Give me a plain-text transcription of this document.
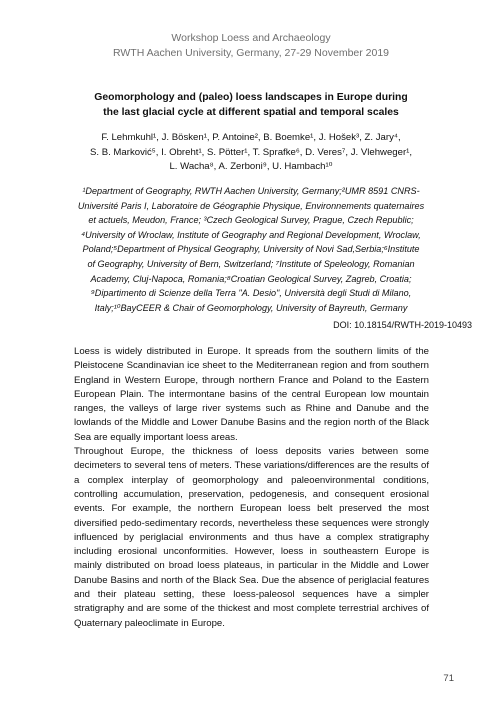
Workshop Loess and Archaeology
RWTH Aachen University, Germany, 27-29 November 2019
Geomorphology and (paleo) loess landscapes in Europe during
the last glacial cycle at different spatial and temporal scales
F. Lehmkuhl¹, J. Bösken¹, P. Antoine², B. Boemke¹, J. Hošek³, Z. Jary⁴,
S. B. Marković⁵, I. Obreht¹, S. Pötter¹, T. Sprafke⁶, D. Veres⁷, J. Vlehweger¹,
L. Wacha⁸, A. Zerboni⁹, U. Hambach¹⁰
¹Department of Geography, RWTH Aachen University, Germany;²UMR 8591 CNRS-
Université Paris I, Laboratoire de Géographie Physique, Environnements quaternaires
et actuels, Meudon, France; ³Czech Geological Survey, Prague, Czech Republic;
⁴University of Wroclaw, Institute of Geography and Regional Development, Wroclaw,
Poland;⁵Department of Physical Geography, University of Novi Sad,Serbia;⁶Institute
of Geography, University of Bern, Switzerland; ⁷Institute of Speleology, Romanian
Academy, Cluj-Napoca, Romania;⁸Croatian Geological Survey, Zagreb, Croatia;
⁹Dipartimento di Scienze della Terra "A. Desio", Università degli Studi di Milano,
Italy;¹⁰BayCEER & Chair of Geomorphology, University of Bayreuth, Germany
DOI: 10.18154/RWTH-2019-10493

Loess is widely distributed in Europe. It spreads from the southern limits of the Pleistocene Scandinavian ice sheet to the Mediterranean region and from southern England in Western Europe, through northern France and Poland to the Eastern European Plain. The intermontane basins of the central European low mountain ranges, the valleys of large river systems such as Rhine and Danube and the lowlands of the Middle and Lower Danube Basins and the region north of the Black Sea are equally important loess areas.

Throughout Europe, the thickness of loess deposits varies between some decimeters to several tens of meters. These variations/differences are the results of a complex interplay of geomorphology and paleoenvironmental conditions, controlling accumulation, preservation, pedogenesis, and consequent erosional events. For example, the northern European loess belt preserved the most diversified pedo-sedimentary records, nevertheless these sequences were strongly influenced by periglacial environments and thus have a complex stratigraphy including erosional unconformities. However, loess in southeastern Europe is mainly distributed on broad loess plateaus, in particular in the Middle and Lower Danube Basins and north of the Black Sea. Due the absence of periglacial features and their plateau setting, these loess-paleosol sequences have a simpler stratigraphy and are some of the thickest and most complete terrestrial archives of Quaternary paleoclimate in Europe.

71
